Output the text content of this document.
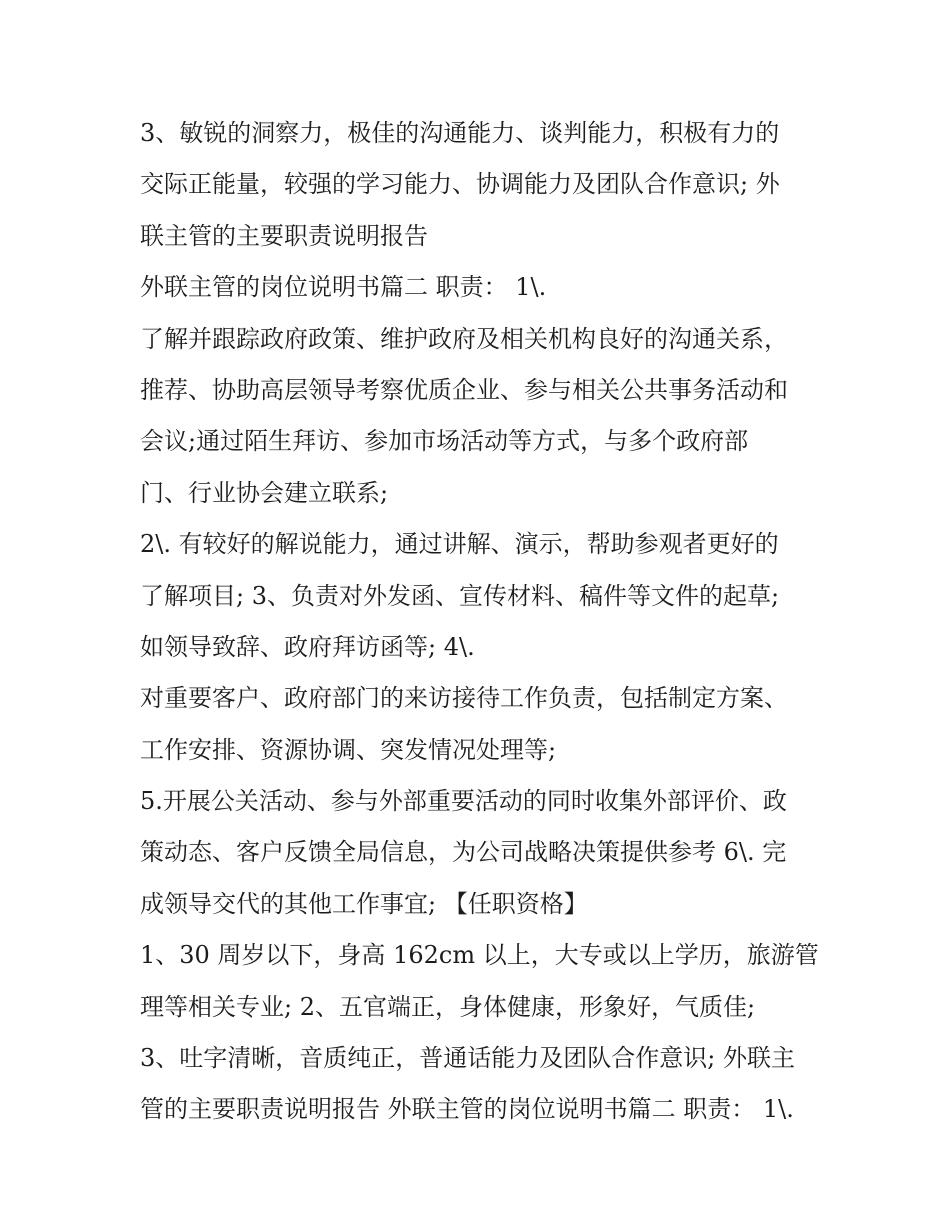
3、敏锐的洞察力，极佳的沟通能力、谈判能力，积极有力的
交际正能量，较强的学习能力、协调能力及团队合作意识; 外
联主管的主要职责说明报告
外联主管的岗位说明书篇二 职责： 1\.
了解并跟踪政府政策、维护政府及相关机构良好的沟通关系，
推荐、协助高层领导考察优质企业、参与相关公共事务活动和
会议;通过陌生拜访、参加市场活动等方式，与多个政府部
门、行业协会建立联系;
2\. 有较好的解说能力，通过讲解、演示，帮助参观者更好的
了解项目; 3、负责对外发函、宣传材料、稿件等文件的起草;
如领导致辞、政府拜访函等; 4\.
对重要客户、政府部门的来访接待工作负责，包括制定方案、
工作安排、资源协调、突发情况处理等;
5.开展公关活动、参与外部重要活动的同时收集外部评价、政
策动态、客户反馈全局信息，为公司战略决策提供参考 6\. 完
成领导交代的其他工作事宜; 【任职资格】
1、30 周岁以下，身高 162cm 以上，大专或以上学历，旅游管
理等相关专业; 2、五官端正，身体健康，形象好，气质佳;
3、吐字清晰，音质纯正，普通话能力及团队合作意识; 外联主
管的主要职责说明报告 外联主管的岗位说明书篇二 职责： 1\.
